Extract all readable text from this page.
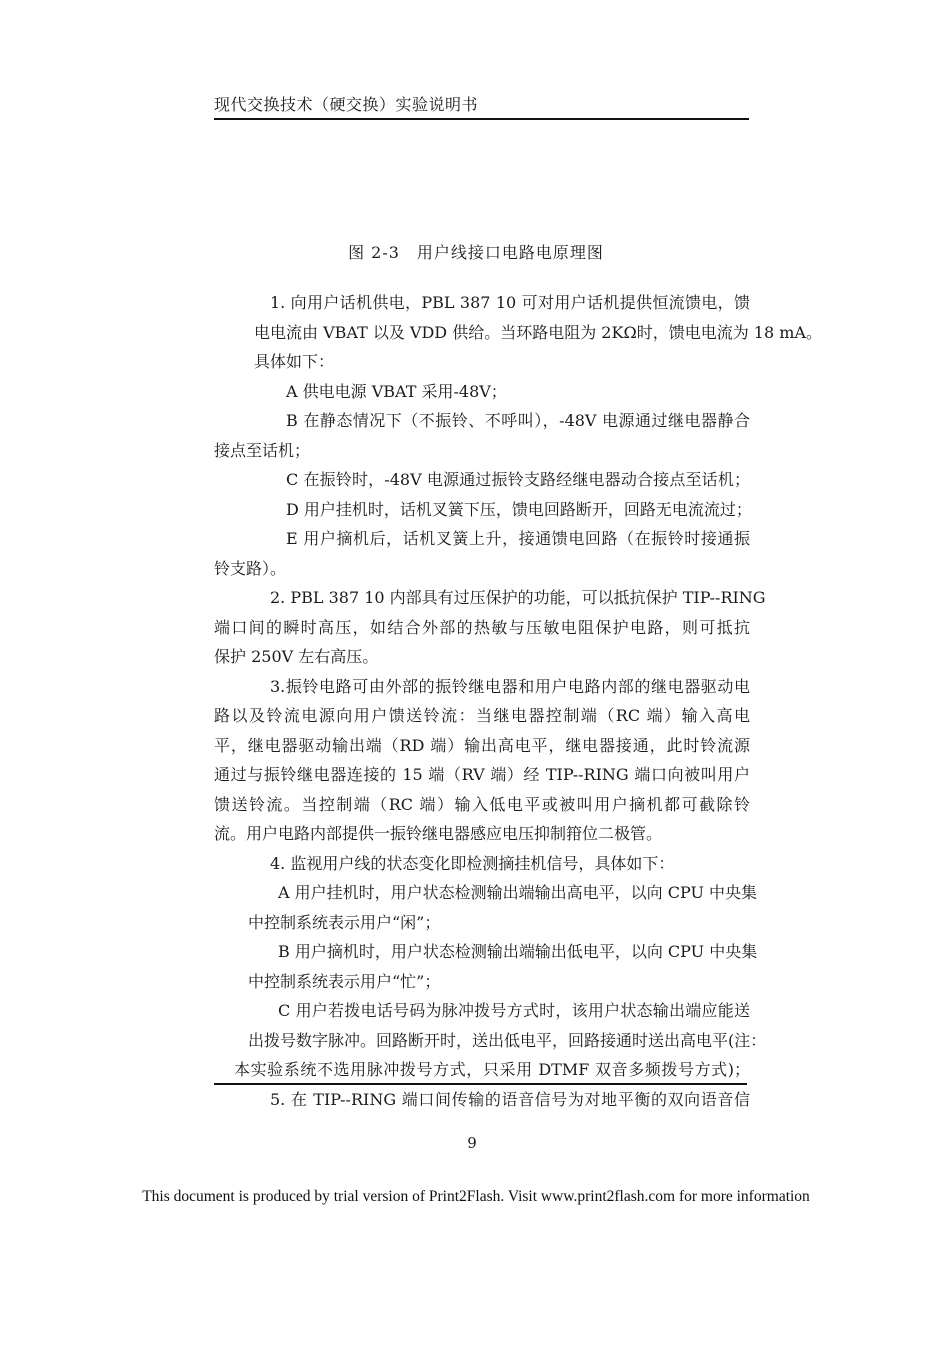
现代交换技术（硬交换）实验说明书
图 2-3　用户线接口电路电原理图
1. 向用户话机供电，PBL 387 10 可对用户话机提供恒流馈电，馈
电电流由 VBAT 以及 VDD 供给。当环路电阻为 2KΩ时，馈电电流为 18 mA。
具体如下：
A 供电电源 VBAT 采用-48V；
B 在静态情况下（不振铃、不呼叫），-48V 电源通过继电器静合
接点至话机；
C 在振铃时，-48V 电源通过振铃支路经继电器动合接点至话机；
D 用户挂机时，话机叉簧下压，馈电回路断开，回路无电流流过；
E 用户摘机后，话机叉簧上升，接通馈电回路（在振铃时接通振
铃支路）。
2. PBL 387 10 内部具有过压保护的功能，可以抵抗保护 TIP--RING
端口间的瞬时高压，如结合外部的热敏与压敏电阻保护电路，则可抵抗
保护 250V 左右高压。
3.振铃电路可由外部的振铃继电器和用户电路内部的继电器驱动电
路以及铃流电源向用户馈送铃流：当继电器控制端（RC 端）输入高电
平，继电器驱动输出端（RD 端）输出高电平，继电器接通，此时铃流源
通过与振铃继电器连接的 15 端（RV 端）经 TIP--RING 端口向被叫用户
馈送铃流。当控制端（RC 端）输入低电平或被叫用户摘机都可截除铃
流。用户电路内部提供一振铃继电器感应电压抑制箝位二极管。
4. 监视用户线的状态变化即检测摘挂机信号，具体如下：
A 用户挂机时，用户状态检测输出端输出高电平，以向 CPU 中央集
中控制系统表示用户“闲”；
B 用户摘机时，用户状态检测输出端输出低电平，以向 CPU 中央集
中控制系统表示用户“忙”；
C 用户若拨电话号码为脉冲拨号方式时，该用户状态输出端应能送
出拨号数字脉冲。回路断开时，送出低电平，回路接通时送出高电平(注：
本实验系统不选用脉冲拨号方式，只采用 DTMF 双音多频拨号方式)；
5. 在 TIP--RING 端口间传输的语音信号为对地平衡的双向语音信
9
This document is produced by trial version of Print2Flash. Visit www.print2flash.com for more information
